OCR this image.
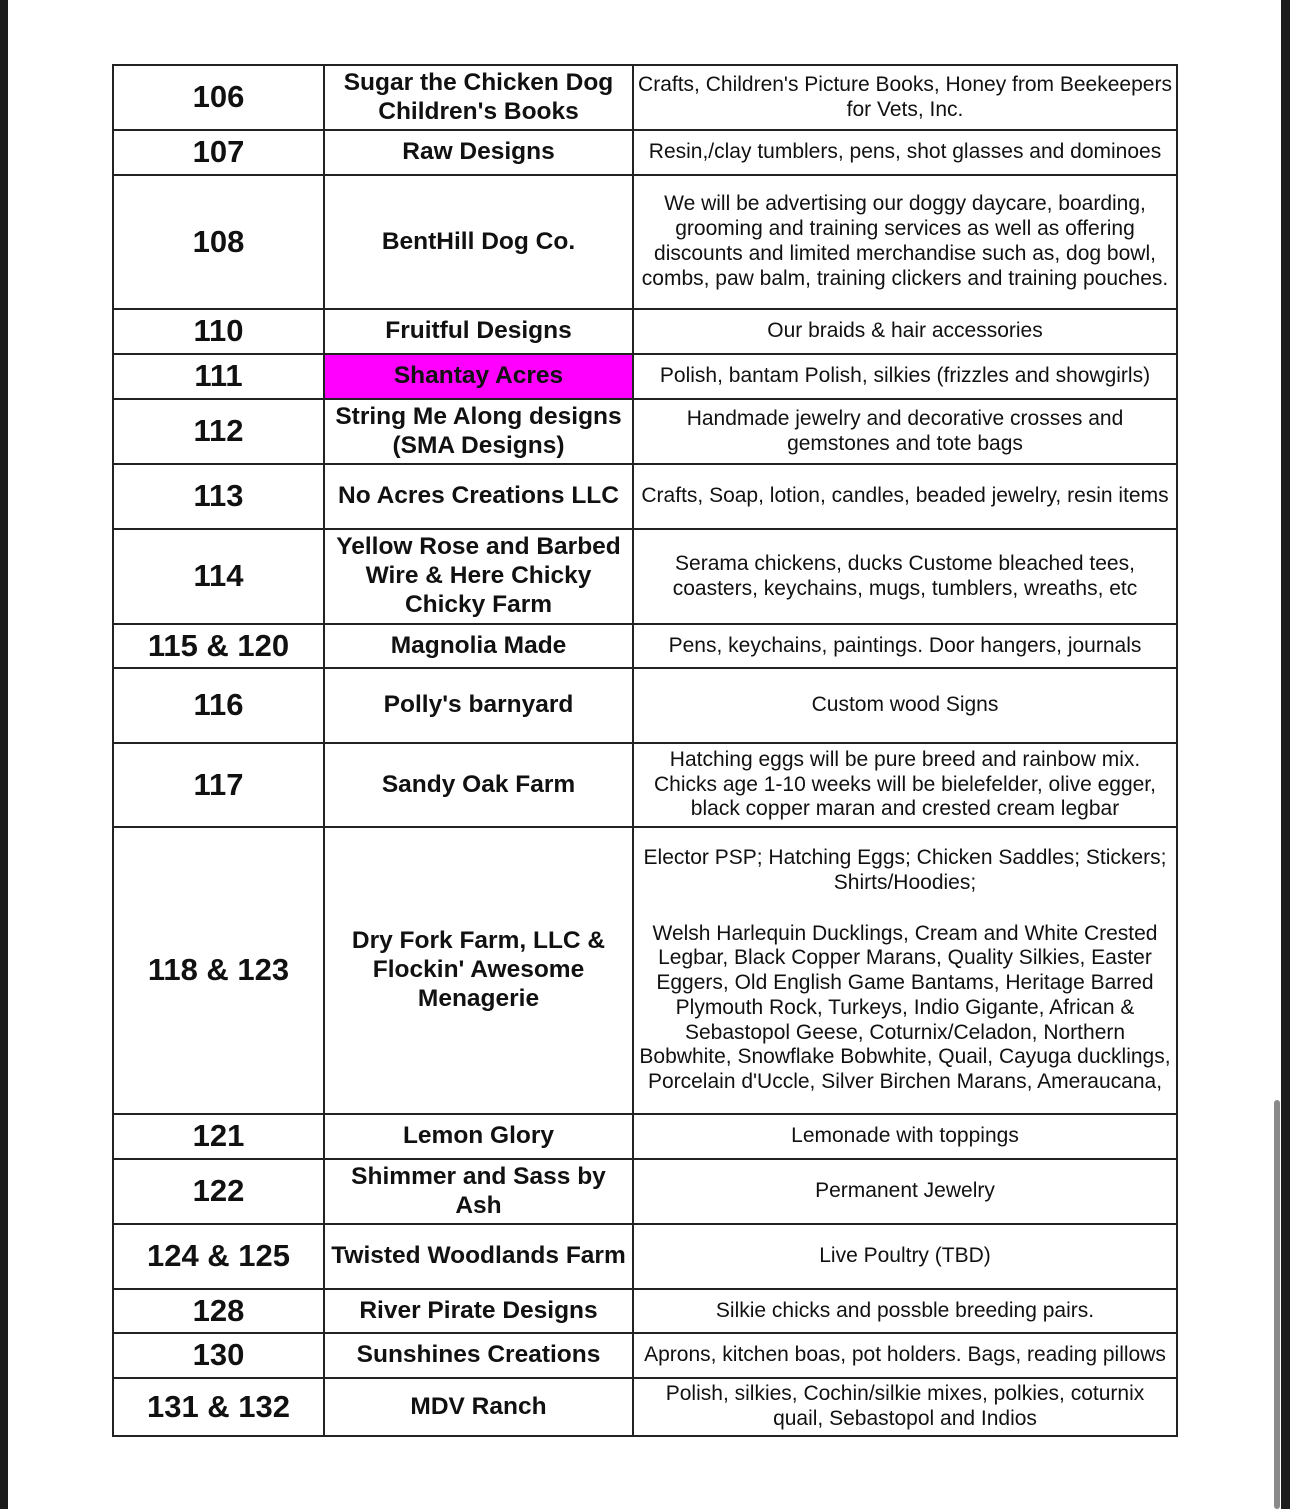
106	Sugar the Chicken Dog Children's Books	Crafts, Children's Picture Books, Honey from Beekeepers for Vets, Inc.
107	Raw Designs	Resin,/clay tumblers, pens, shot glasses and dominoes
108	BentHill Dog Co.	We will be advertising our doggy daycare, boarding, grooming and training services as well as offering discounts and limited merchandise such as, dog bowl, combs, paw balm, training clickers and training pouches.
110	Fruitful Designs	Our braids & hair accessories
111	Shantay Acres	Polish, bantam Polish, silkies (frizzles and showgirls)
112	String Me Along designs (SMA Designs)	Handmade jewelry and decorative crosses and gemstones and tote bags
113	No Acres Creations LLC	Crafts, Soap, lotion, candles, beaded jewelry, resin items
114	Yellow Rose and Barbed Wire & Here Chicky Chicky Farm	Serama chickens, ducks Custome bleached tees, coasters, keychains, mugs, tumblers, wreaths, etc
115 & 120	Magnolia Made	Pens, keychains, paintings. Door hangers, journals
116	Polly's barnyard	Custom wood Signs
117	Sandy Oak Farm	Hatching eggs will be pure breed and rainbow mix. Chicks age 1-10 weeks will be bielefelder, olive egger, black copper maran and crested cream legbar
118 & 123	Dry Fork Farm, LLC & Flockin' Awesome Menagerie	Elector PSP; Hatching Eggs; Chicken Saddles; Stickers; Shirts/Hoodies;
Welsh Harlequin Ducklings, Cream and White Crested Legbar, Black Copper Marans, Quality Silkies, Easter Eggers, Old English Game Bantams, Heritage Barred Plymouth Rock, Turkeys, Indio Gigante, African & Sebastopol Geese, Coturnix/Celadon, Northern Bobwhite, Snowflake Bobwhite, Quail, Cayuga ducklings, Porcelain d'Uccle, Silver Birchen Marans, Ameraucana,
121	Lemon Glory	Lemonade with toppings
122	Shimmer and Sass by Ash	Permanent Jewelry
124 & 125	Twisted Woodlands Farm	Live Poultry (TBD)
128	River Pirate Designs	Silkie chicks and possble breeding pairs.
130	Sunshines Creations	Aprons, kitchen boas, pot holders. Bags, reading pillows
131 & 132	MDV Ranch	Polish, silkies, Cochin/silkie mixes, polkies, coturnix quail, Sebastopol and Indios
